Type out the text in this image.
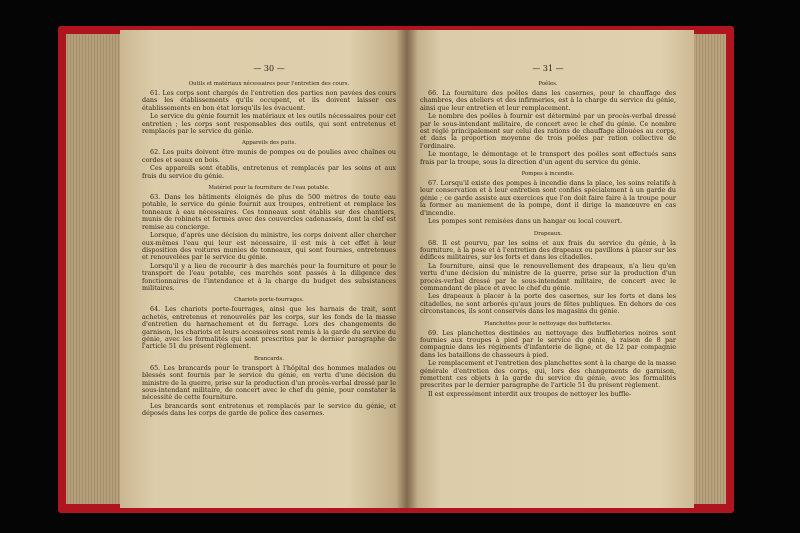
— 30 —
Outils et matériaux nécessaires pour l'entretien des cours.

61. Les corps sont chargés de l'entretien des parties non pavées des cours dans les établissements qu'ils occupent, et ils doivent laisser ces établissements en bon état lorsqu'ils les évacuent.

Le service du génie fournit les matériaux et les outils nécessaires pour cet entretien ; les corps sont responsables des outils, qui sont entretenus et remplacés par le service du génie.

Appareils des puits.

62. Les puits doivent être munis de pompes ou de poulies avec chaînes ou cordes et seaux en bois.

Ces appareils sont établis, entretenus et remplacés par les soins et aux frais du service du génie.

Matériel pour la fourniture de l'eau potable.

63. Dans les bâtiments éloignés de plus de 500 mètres de toute eau potable, le service du génie fournit aux troupes, entretient et remplace les tonneaux à eau nécessaires. Ces tonneaux sont établis sur des chantiers, munis de robinets et fermés avec des couvercles cadenassés, dont la clef est remise au concierge.

Lorsque, d'après une décision du ministre, les corps doivent aller chercher eux-mêmes l'eau qui leur est nécessaire, il est mis à cet effet à leur disposition des voitures munies de tonneaux, qui sont fournies, entretenues et renouvelées par le service du génie.

Lorsqu'il y a lieu de recourir à des marchés pour la fourniture et pour le transport de l'eau potable, ces marchés sont passés à la diligence des fonctionnaires de l'intendance et à la charge du budget des subsistances militaires.

Chariots porte-fourrages.

64. Les chariots porte-fourrages, ainsi que les harnais de trait, sont achetés, entretenus et renouvelés par les corps, sur les fonds de la masse d'entretien du harnachement et du ferrage. Lors des changements de garnison, les chariots et leurs accessoires sont remis à la garde du service du génie, avec les formalités qui sont prescrites par le dernier paragraphe de l'article 51 du présent règlement.

Brancards.

65. Les brancards pour le transport à l'hôpital des hommes malades ou blessés sont fournis par le service du génie, en vertu d'une décision du ministre de la guerre, prise sur la production d'un procès-verbal dressé par le sous-intendant militaire, de concert avec le chef du génie, pour constater la nécessité de cette fourniture.

Les brancards sont entretenus et remplacés par le service du génie, et déposés dans les corps de garde de police des casernes.

— 31 —
Poêles.

66. La fourniture des poêles dans les casernes, pour le chauffage des chambres, des ateliers et des infirmeries, est à la charge du service du génie, ainsi que leur entretien et leur remplacement.

Le nombre des poêles à fournir est déterminé par un procès-verbal dressé par le sous-intendant militaire, de concert avec le chef du génie. Ce nombre est réglé principalement sur celui des rations de chauffage allouées au corps, et dans la proportion moyenne de trois poêles par ration collective de l'ordinaire.

Le montage, le démontage et le transport des poêles sont effectués sans frais par la troupe, sous la direction d'un agent du service du génie.

Pompes à incendie.

67. Lorsqu'il existe des pompes à incendie dans la place, les soins relatifs à leur conservation et à leur entretien sont confiés spécialement à un garde du génie ; ce garde assiste aux exercices que l'on doit faire faire à la troupe pour la former au maniement de la pompe, dont il dirige la manœuvre en cas d'incendie.

Les pompes sont remisées dans un hangar ou local couvert.

Drapeaux.

68. Il est pourvu, par les soins et aux frais du service du génie, à la fourniture, à la pose et à l'entretien des drapeaux ou pavillons à placer sur les édifices militaires, sur les forts et dans les citadelles.

La fourniture, ainsi que le renouvellement des drapeaux, n'a lieu qu'en vertu d'une décision du ministre de la guerre, prise sur la production d'un procès-verbal dressé par le sous-intendant militaire, de concert avec le commandant de place et avec le chef du génie.

Les drapeaux à placer à la porte des casernes, sur les forts et dans les citadelles, ne sont arborés qu'aux jours de fêtes publiques. En dehors de ces circonstances, ils sont conservés dans les magasins du génie.

Planchettes pour le nettoyage des buffleteries.

69. Les planchettes destinées au nettoyage des buffleteries noires sont fournies aux troupes à pied par le service du génie, à raison de 8 par compagnie dans les régiments d'infanterie de ligne, et de 12 par compagnie dans les bataillons de chasseurs à pied.

Le remplacement et l'entretien des planchettes sont à la charge de la masse générale d'entretien des corps, qui, lors des changements de garnison, remettent ces objets à la garde du service du génie, avec les formalités prescrites par le dernier paragraphe de l'article 51 du présent règlement.

Il est expressément interdit aux troupes de nettoyer les buffle-
